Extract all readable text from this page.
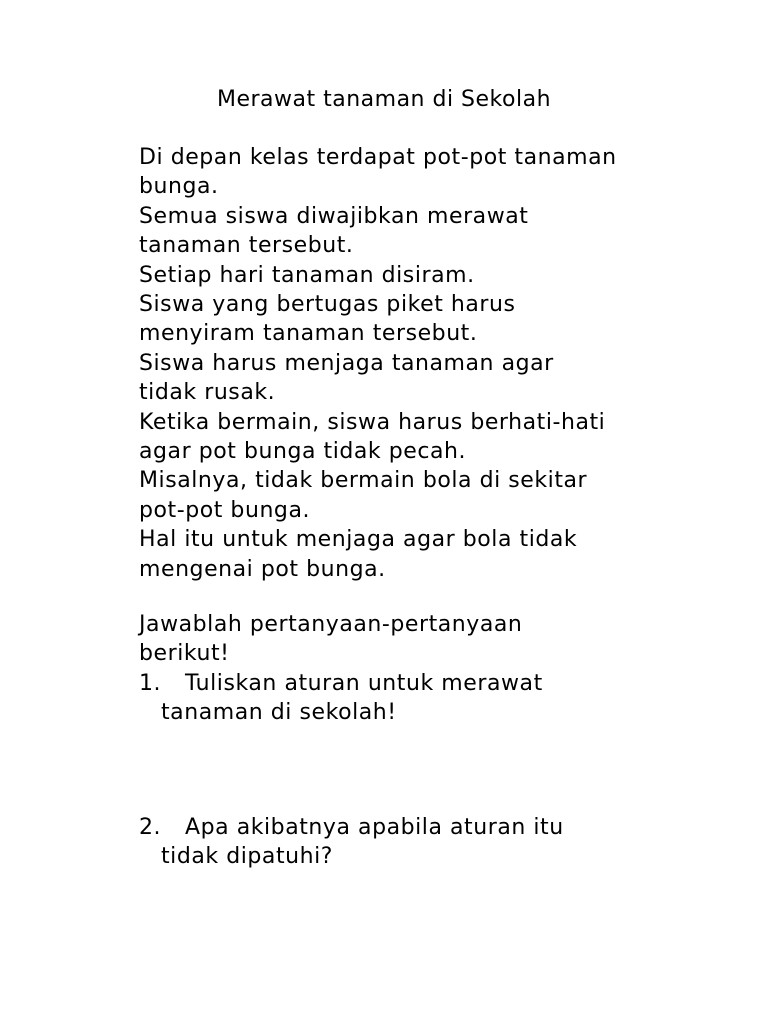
Merawat tanaman di Sekolah
Di depan kelas terdapat pot-pot tanaman
bunga.
Semua siswa diwajibkan merawat
tanaman tersebut.
Setiap hari tanaman disiram.
Siswa yang bertugas piket harus
menyiram tanaman tersebut.
Siswa harus menjaga tanaman agar
tidak rusak.
Ketika bermain, siswa harus berhati-hati
agar pot bunga tidak pecah.
Misalnya, tidak bermain bola di sekitar
pot-pot bunga.
Hal itu untuk menjaga agar bola tidak
mengenai pot bunga.
Jawablah pertanyaan-pertanyaan
berikut!
1. Tuliskan aturan untuk merawat
tanaman di sekolah!
2. Apa akibatnya apabila aturan itu
tidak dipatuhi?
